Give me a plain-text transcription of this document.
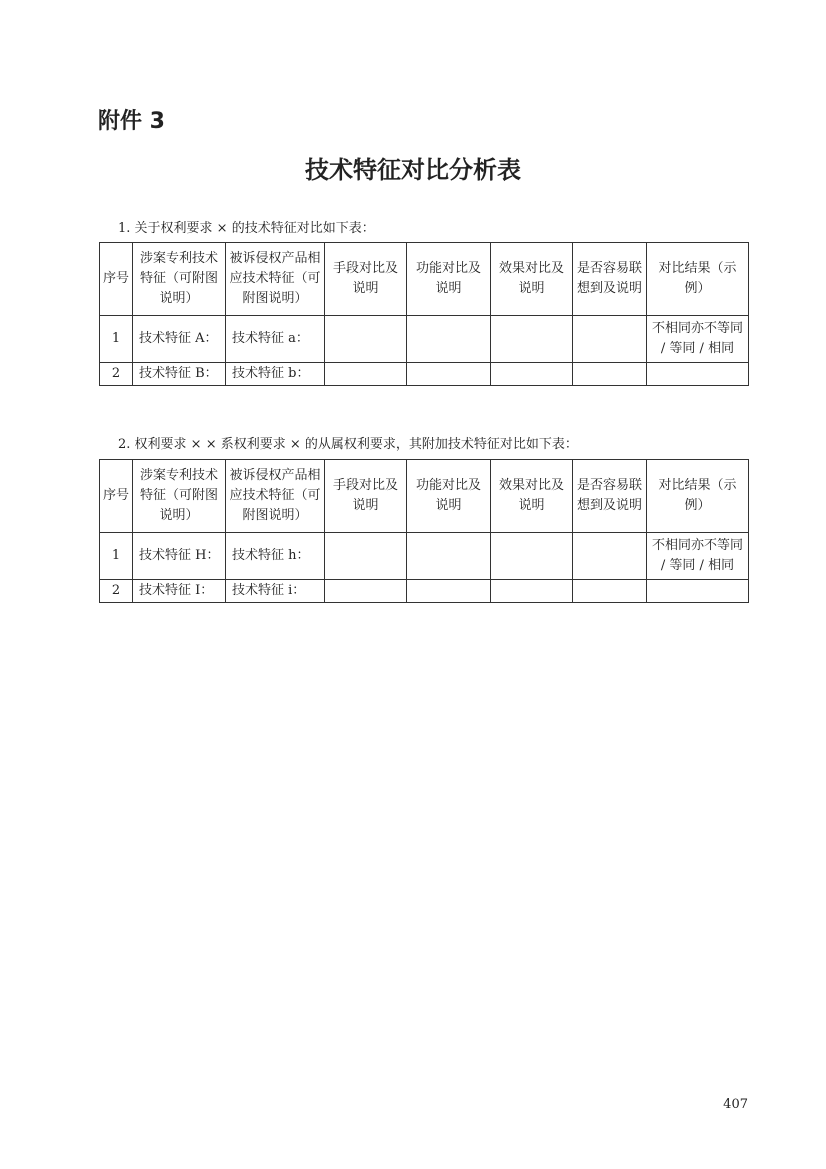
附件 3
技术特征对比分析表
1. 关于权利要求 × 的技术特征对比如下表：
序号	涉案专利技术特征（可附图说明）	被诉侵权产品相应技术特征（可附图说明）	手段对比及说明	功能对比及说明	效果对比及说明	是否容易联想到及说明	对比结果（示例）
1	技术特征 A：	技术特征 a：					不相同亦不等同 / 等同 / 相同
2	技术特征 B：	技术特征 b：					
2. 权利要求 × × 系权利要求 × 的从属权利要求，其附加技术特征对比如下表：
序号	涉案专利技术特征（可附图说明）	被诉侵权产品相应技术特征（可附图说明）	手段对比及说明	功能对比及说明	效果对比及说明	是否容易联想到及说明	对比结果（示例）
1	技术特征 H：	技术特征 h：					不相同亦不等同 / 等同 / 相同
2	技术特征 I：	技术特征 i：					
407
